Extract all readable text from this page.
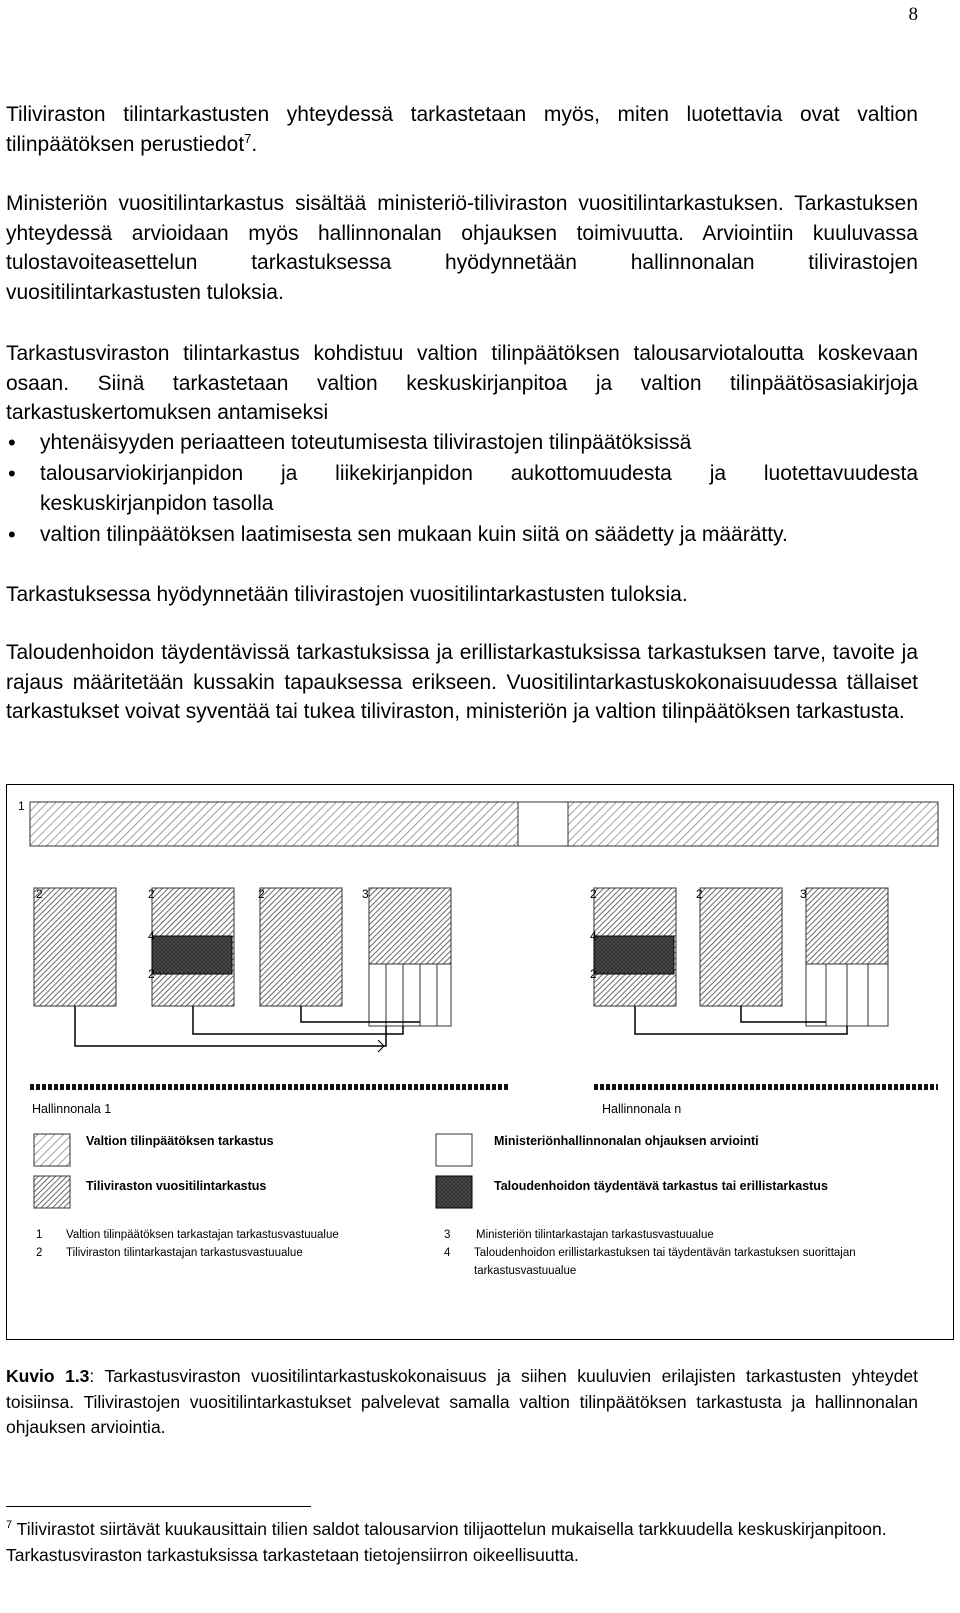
8
Tiliviraston tilintarkastusten yhteydessä tarkastetaan myös, miten luotettavia ovat valtion tilinpäätöksen perustiedot$^7$.
Ministeriön vuositilintarkastus sisältää ministeriö-tiliviraston vuositilintarkastuksen. Tarkastuksen yhteydessä arvioidaan myös hallinnonalan ohjauksen toimivuutta. Arviointiin kuuluvassa tulostavoiteasettelun tarkastuksessa hyödynnetään hallinnonalan tilivirastojen vuositilintarkastusten tuloksia.
Tarkastusviraston tilintarkastus kohdistuu valtion tilinpäätöksen talousarviotaloutta koskevaan osaan. Siinä tarkastetaan valtion keskuskirjanpitoa ja valtion tilinpäätösasiakirjoja tarkastuskertomuksen antamiseksi
• yhtenäisyyden periaatteen toteutumisesta tilivirastojen tilinpäätöksissä
• talousarviokirjanpidon ja liikekirjanpidon aukottomuudesta ja luotettavuudesta keskuskirjanpidon tasolla
• valtion tilinpäätöksen laatimisesta sen mukaan kuin siitä on säädetty ja määrätty.
Tarkastuksessa hyödynnetään tilivirastojen vuositilintarkastusten tuloksia.
Taloudenhoidon täydentävissä tarkastuksissa ja erillistarkastuksissa tarkastuksen tarve, tavoite ja rajaus määritetään kussakin tapauksessa erikseen. Vuositilintarkastuskokonaisuudessa tällaiset tarkastukset voivat syventää tai tukea tiliviraston, ministeriön ja valtion tilinpäätöksen tarkastusta.
1
2	2	2	3
4
2
2	2	3
4
2
Hallinnonala 1	Hallinnonala n
Valtion tilinpäätöksen tarkastus	Ministeriönhallinnonalan ohjauksen arviointi
Tiliviraston vuositilintarkastus	Taloudenhoidon täydentävä tarkastus tai erillistarkastus
1 Valtion tilinpäätöksen tarkastajan tarkastusvastuualue
2 Tiliviraston tilintarkastajan tarkastusvastuualue
3 Ministeriön tilintarkastajan tarkastusvastuualue
4 Taloudenhoidon erillistarkastuksen tai täydentävän tarkastuksen suorittajan tarkastusvastuualue
Kuvio 1.3: Tarkastusviraston vuositilintarkastuskokonaisuus ja siihen kuuluvien erilajisten tarkastusten yhteydet toisiinsa. Tilivirastojen vuositilintarkastukset palvelevat samalla valtion tilinpäätöksen tarkastusta ja hallinnonalan ohjauksen arviointia.
$^7$ Tilivirastot siirtävät kuukausittain tilien saldot talousarvion tilijaottelun mukaisella tarkkuudella keskuskirjanpitoon. Tarkastusviraston tarkastuksissa tarkastetaan tietojensiirron oikeellisuutta.
